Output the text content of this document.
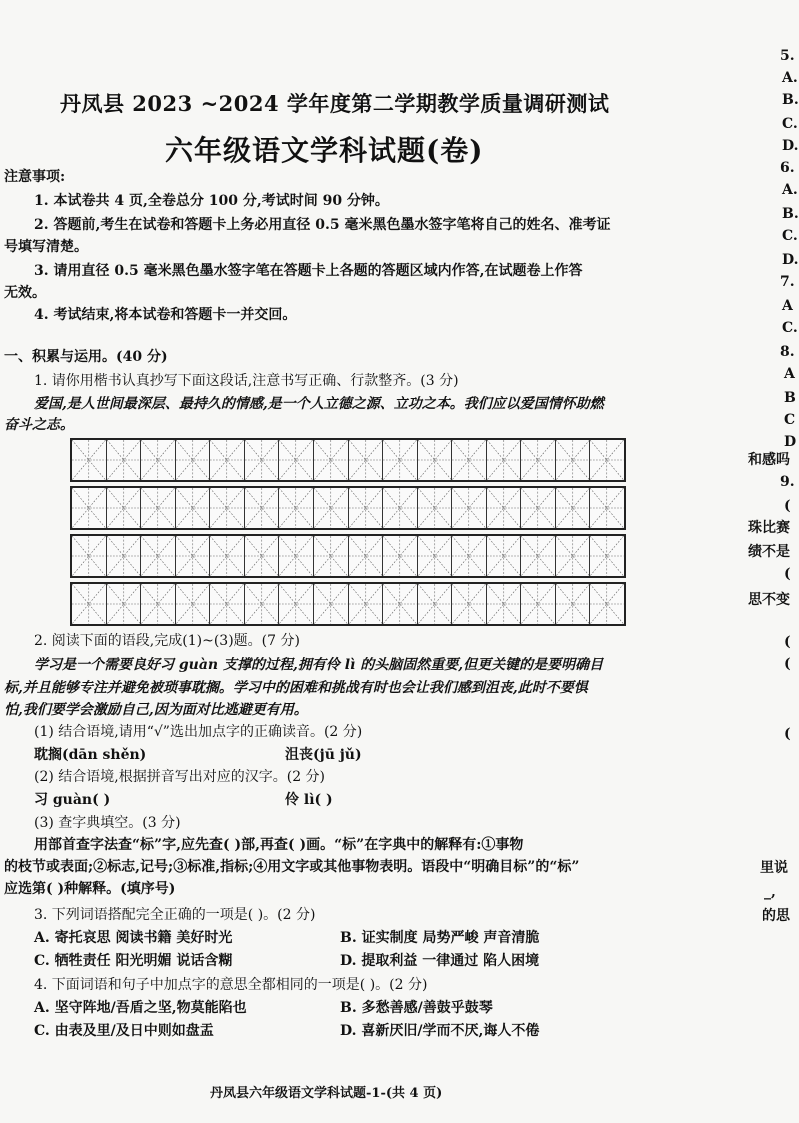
丹凤县 2023 ~2024 学年度第二学期教学质量调研测试
六年级语文学科试题(卷)
注意事项:
1. 本试卷共 4 页,全卷总分 100 分,考试时间 90 分钟。
2. 答题前,考生在试卷和答题卡上务必用直径 0.5 毫米黑色墨水签字笔将自己的姓名、准考证
号填写清楚。
3. 请用直径 0.5 毫米黑色墨水签字笔在答题卡上各题的答题区域内作答,在试题卷上作答
无效。
4. 考试结束,将本试卷和答题卡一并交回。
一、积累与运用。(40 分)
1. 请你用楷书认真抄写下面这段话,注意书写正确、行款整齐。(3 分)
爱国,是人世间最深层、最持久的情感,是一个人立德之源、立功之本。我们应以爱国情怀助燃
奋斗之志。
2. 阅读下面的语段,完成(1)~(3)题。(7 分)
学习是一个需要良好习 guàn 支撑的过程,拥有伶 lì 的头脑固然重要,但更关键的是要明确目
标,并且能够专注并避免被琐事耽搁。学习中的困难和挑战有时也会让我们感到沮丧,此时不要惧
怕,我们要学会激励自己,因为面对比逃避更有用。
(1) 结合语境,请用“√”选出加点字的正确读音。(2 分)
耽搁(dān shěn)	沮丧(jū jǔ)
(2) 结合语境,根据拼音写出对应的汉字。(2 分)
习 guàn( )	伶 lì( )
(3) 查字典填空。(3 分)
用部首查字法查“标”字,应先查( )部,再查( )画。“标”在字典中的解释有:①事物
的枝节或表面;②标志,记号;③标准,指标;④用文字或其他事物表明。语段中“明确目标”的“标”
应选第( )种解释。(填序号)
3. 下列词语搭配完全正确的一项是( )。(2 分)
A. 寄托哀思 阅读书籍 美好时光	B. 证实制度 局势严峻 声音清脆
C. 牺牲责任 阳光明媚 说话含糊	D. 提取利益 一律通过 陷人困境
4. 下面词语和句子中加点字的意思全都相同的一项是( )。(2 分)
A. 坚守阵地/吾盾之坚,物莫能陷也	B. 多愁善感/善鼓乎鼓琴
C. 由表及里/及日中则如盘盂	D. 喜新厌旧/学而不厌,诲人不倦
丹凤县六年级语文学科试题-1-(共 4 页)
5.
A.
B.
C.
D.
6.
A.
B.
C.
D.
7.
A
C.
8.
A
B
C
D
和感吗
9.
(
珠比赛
绩不是
(
思不变
(
(
(
里说
_,
的思
